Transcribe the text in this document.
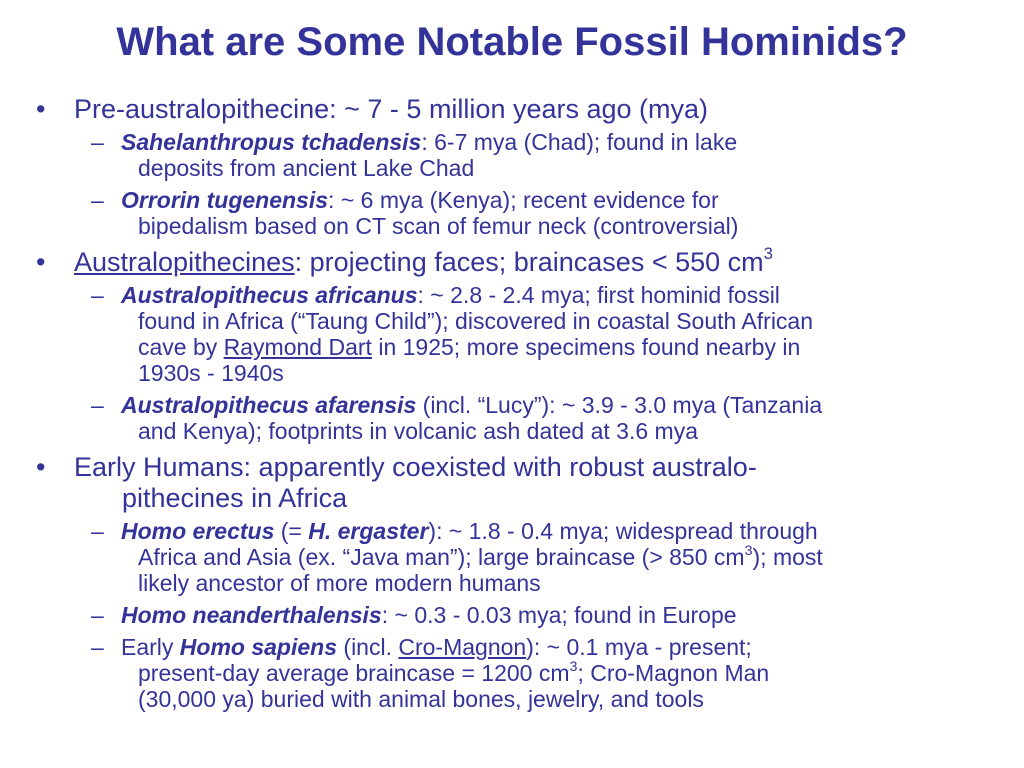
What are Some Notable Fossil Hominids?
• Pre-australopithecine: ~ 7 - 5 million years ago (mya)
– Sahelanthropus tchadensis: 6-7 mya (Chad); found in lake
deposits from ancient Lake Chad
– Orrorin tugenensis: ~ 6 mya (Kenya); recent evidence for
bipedalism based on CT scan of femur neck (controversial)
• Australopithecines: projecting faces; braincases < 550 $cm^3$
– Australopithecus africanus: ~ 2.8 - 2.4 mya; first hominid fossil
found in Africa (“Taung Child”); discovered in coastal South African
cave by Raymond Dart in 1925; more specimens found nearby in
1930s - 1940s
– Australopithecus afarensis (incl. “Lucy”): ~ 3.9 - 3.0 mya (Tanzania
and Kenya); footprints in volcanic ash dated at 3.6 mya
• Early Humans: apparently coexisted with robust australo-
pithecines in Africa
– Homo erectus (= H. ergaster): ~ 1.8 - 0.4 mya; widespread through
Africa and Asia (ex. “Java man”); large braincase (> 850 $cm^3$); most
likely ancestor of more modern humans
– Homo neanderthalensis: ~ 0.3 - 0.03 mya; found in Europe
– Early Homo sapiens (incl. Cro-Magnon): ~ 0.1 mya - present;
present-day average braincase = 1200 $cm^3$; Cro-Magnon Man
(30,000 ya) buried with animal bones, jewelry, and tools
